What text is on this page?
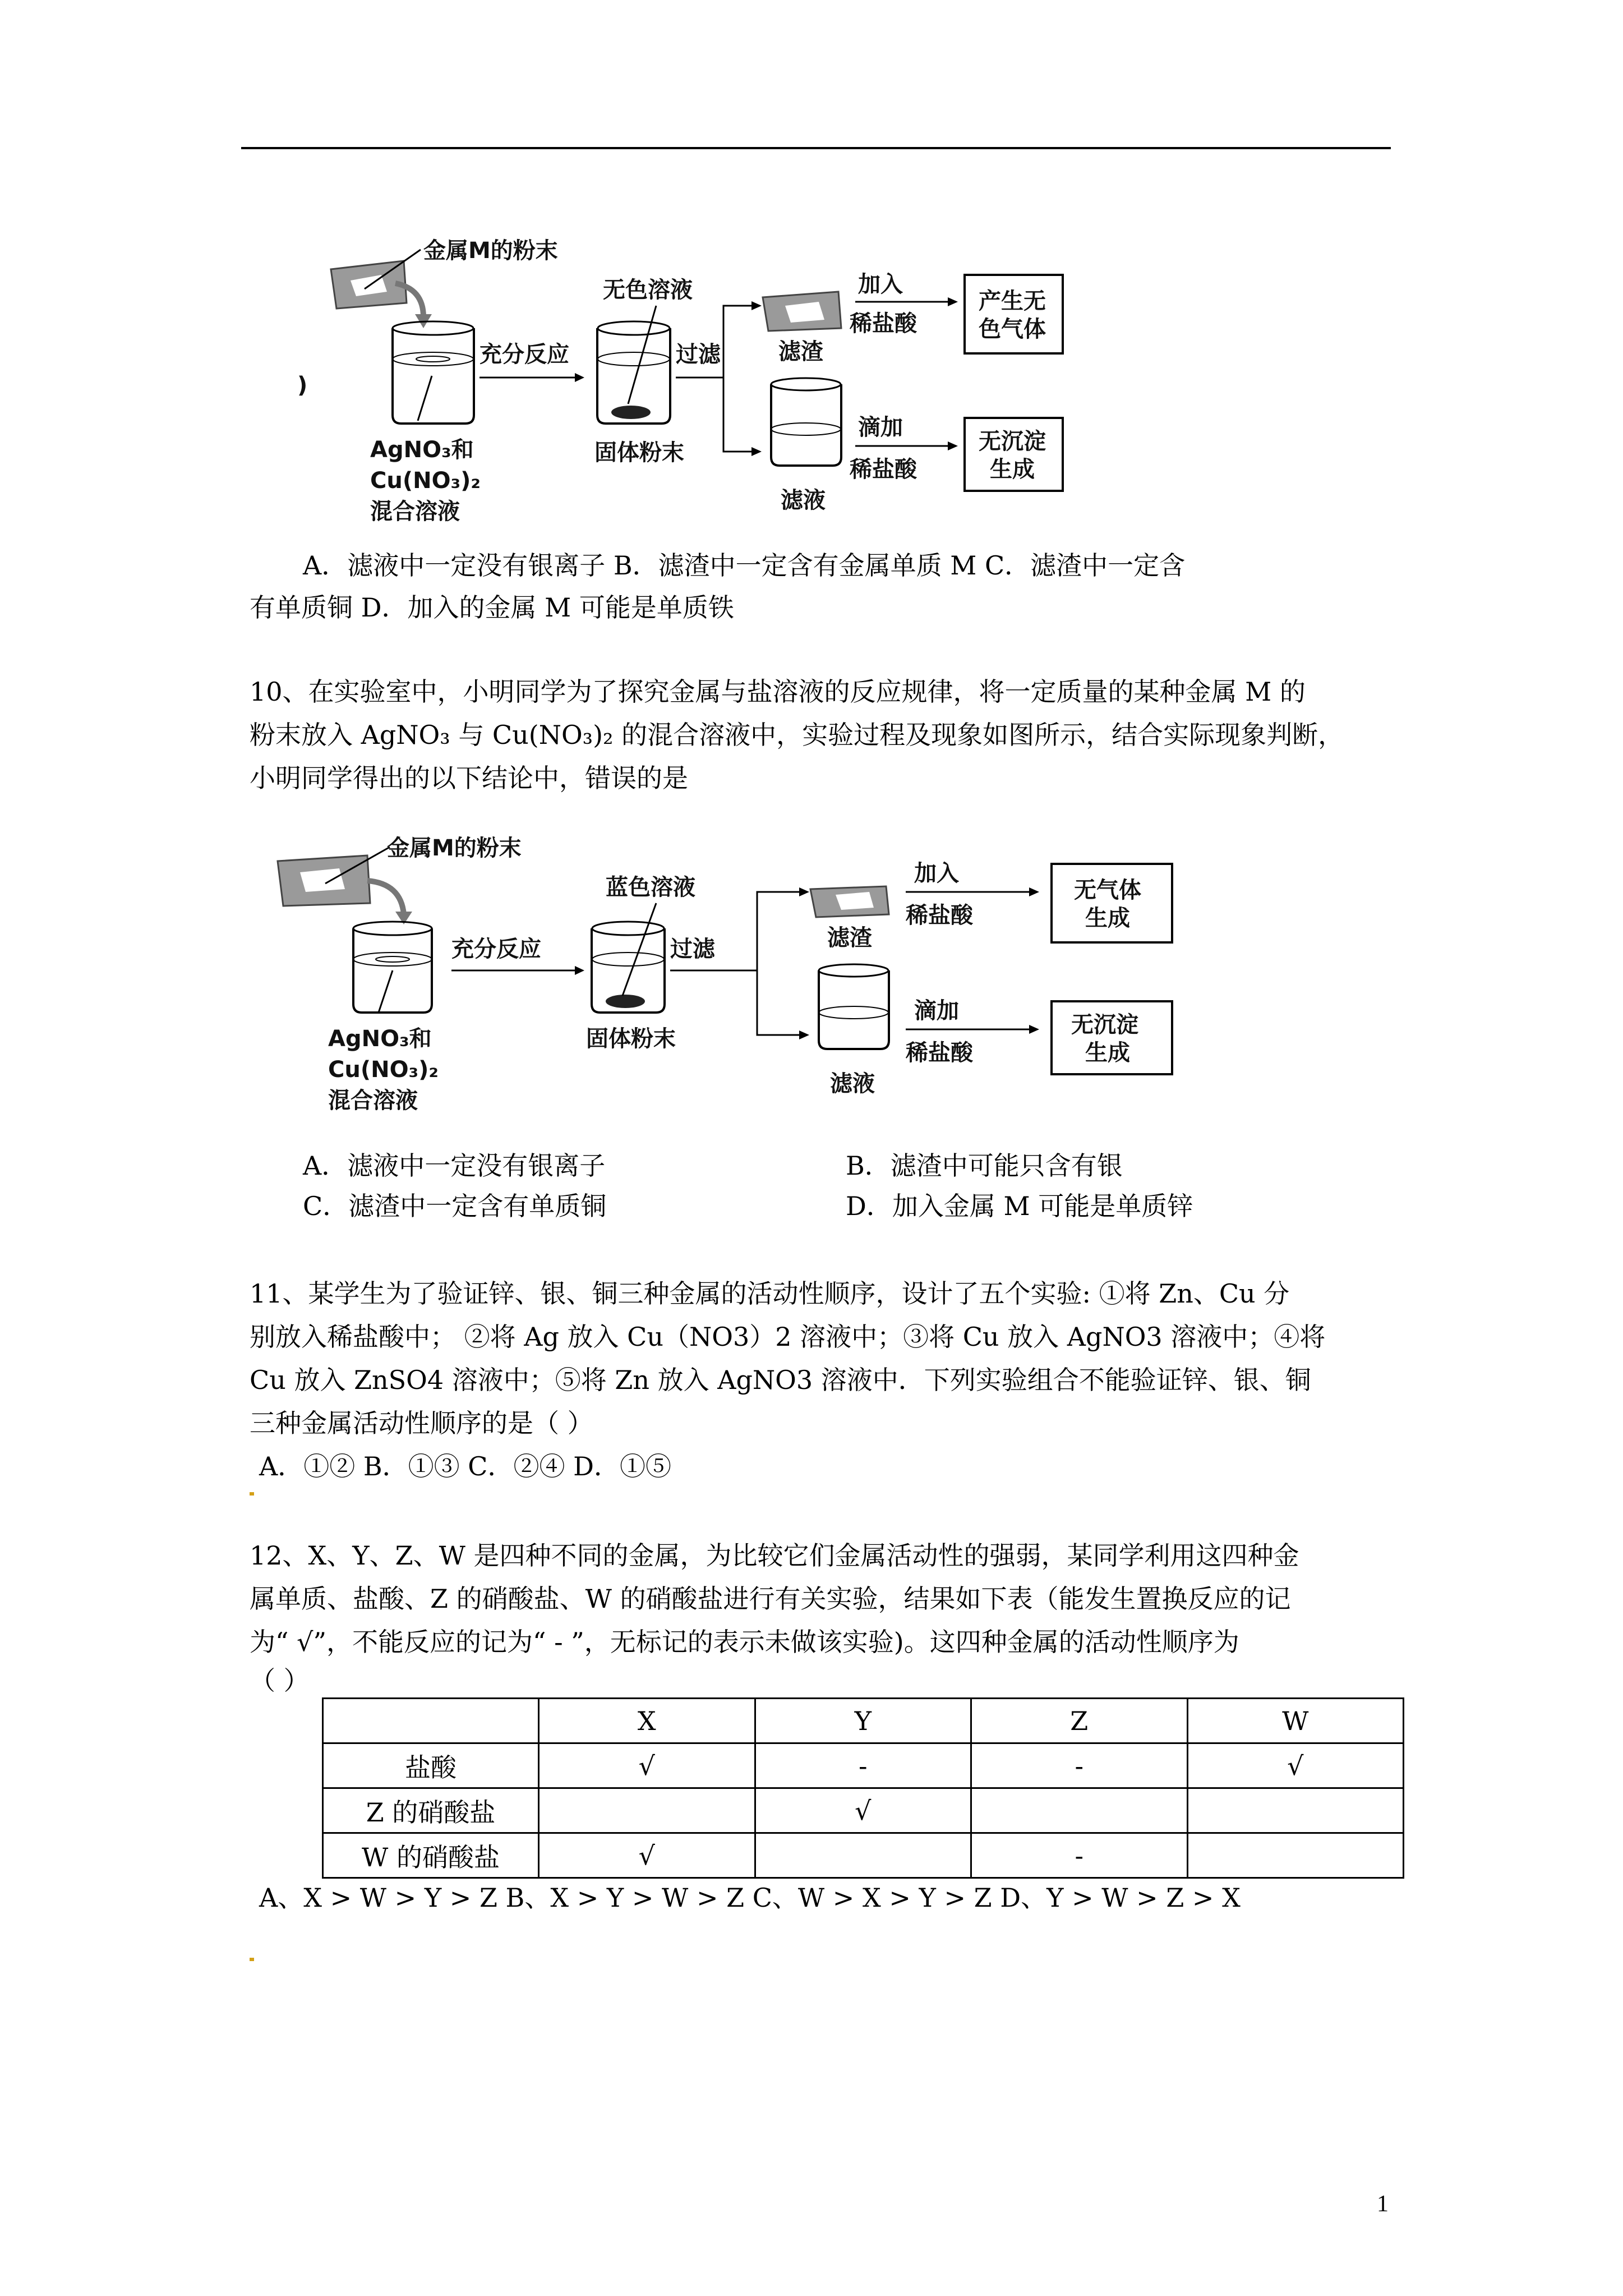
金属M的粉末
AgNO₃和
Cu(NO₃)₂
混合溶液
)
充分反应
无色溶液
固体粉末
过滤	滤渣
滤液
加入
稀盐酸
产生无
色气体
滴加
稀盐酸
无沉淀
生成
A．滤液中一定没有银离子 B．滤渣中一定含有金属单质 M C．滤渣中一定含
有单质铜 D．加入的金属 M 可能是单质铁
10、在实验室中，小明同学为了探究金属与盐溶液的反应规律，将一定质量的某种金属 M 的
粉末放入 AgNO₃ 与 Cu(NO₃)₂ 的混合溶液中，实验过程及现象如图所示，结合实际现象判断，
小明同学得出的以下结论中，错误的是
金属M的粉末
AgNO₃和
Cu(NO₃)₂
混合溶液
充分反应
蓝色溶液
固体粉末
过滤	滤渣
滤液
加入
稀盐酸
无气体
生成
滴加
稀盐酸
无沉淀
生成
A．滤液中一定没有银离子	B．滤渣中可能只含有银
C．滤渣中一定含有单质铜	D．加入金属 M 可能是单质锌
11、某学生为了验证锌、银、铜三种金属的活动性顺序，设计了五个实验: ①将 Zn、Cu 分
别放入稀盐酸中； ②将 Ag 放入 Cu（NO3）2 溶液中；③将 Cu 放入 AgNO3 溶液中；④将
Cu 放入 ZnSO4 溶液中；⑤将 Zn 放入 AgNO3 溶液中．下列实验组合不能验证锌、银、铜
三种金属活动性顺序的是（ ）
A．①② B．①③ C．②④ D．①⑤
12、X、Y、Z、W 是四种不同的金属，为比较它们金属活动性的强弱，某同学利用这四种金
属单质、盐酸、Z 的硝酸盐、W 的硝酸盐进行有关实验，结果如下表（能发生置换反应的记
为“ √”，不能反应的记为“ - ”，无标记的表示未做该实验)。这四种金属的活动性顺序为
（ ）
	X	Y	Z	W
盐酸	√	-	-	√
Z 的硝酸盐		√		
W 的硝酸盐	√		-	
A、X > W > Y > Z B、X > Y > W > Z C、W > X > Y > Z D、Y > W > Z > X
1
